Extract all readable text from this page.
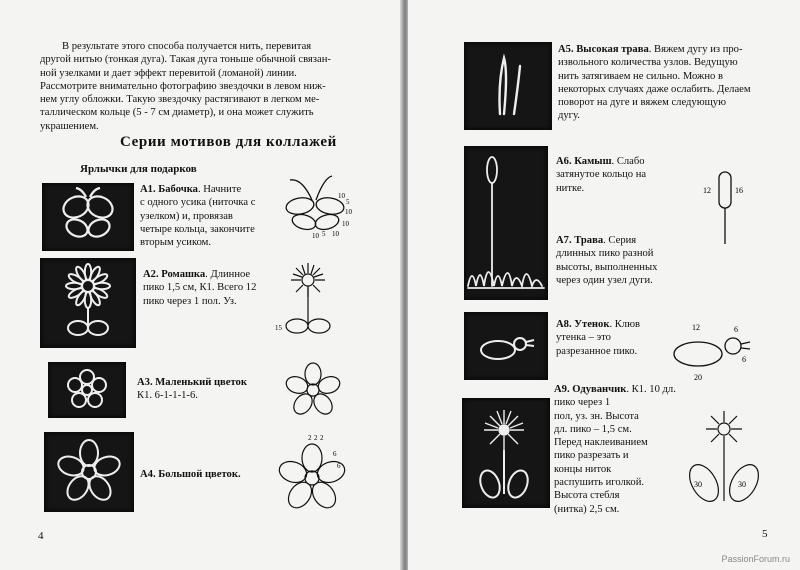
В результате этого способа получается нить, перевитая
другой нитью (тонкая дуга). Такая дуга тоньше обычной связан-
ной узелками и дает эффект перевитой (ломаной) линии.
Рассмотрите внимательно фотографию звездочки в левом ниж-
нем углу обложки. Такую звездочку растягивают в легком ме-
таллическом кольце (5 - 7 см диаметр), и она может служить
украшением.
Серии мотивов для коллажей
Ярлычки для подарков
А1. Бабочка. Начните
с одного усика (ниточка с
узелком) и, провязав
четыре кольца, закончите
вторым усиком.
10
5
10
10
10
5
10
А2. Ромашка. Длинное
пико 1,5 см, К1. Всего 12
пико через 1 пол. Уз.
15
А3. Маленький цветок
К1. 6-1-1-1-6.
А4. Большой цветок.
2 2 2
6
6
4
А5. Высокая трава. Вяжем дугу из про-
извольного количества узлов. Ведущую
нить затягиваем не сильно. Можно в
некоторых случаях даже ослабить. Делаем
поворот на дуге и вяжем следующую
дугу.
А6. Камыш. Слабо
затянутое кольцо на
нитке.	12	16
А7. Трава. Серия
длинных пико разной
высоты, выполненных
через один узел дуги.
А8. Утенок. Клюв
утенка – это
разрезанное пико.
12	6
6
20
А9. Одуванчик. К1. 10 дл. пико через 1
пол, уз. зн. Высота
дл. пико – 1,5 см.
Перед наклеиванием
пико разрезать и
концы ниток
распушить иголкой.
Высота стебля
(нитка) 2,5 см.
30	30
5
PassionForum.ru
